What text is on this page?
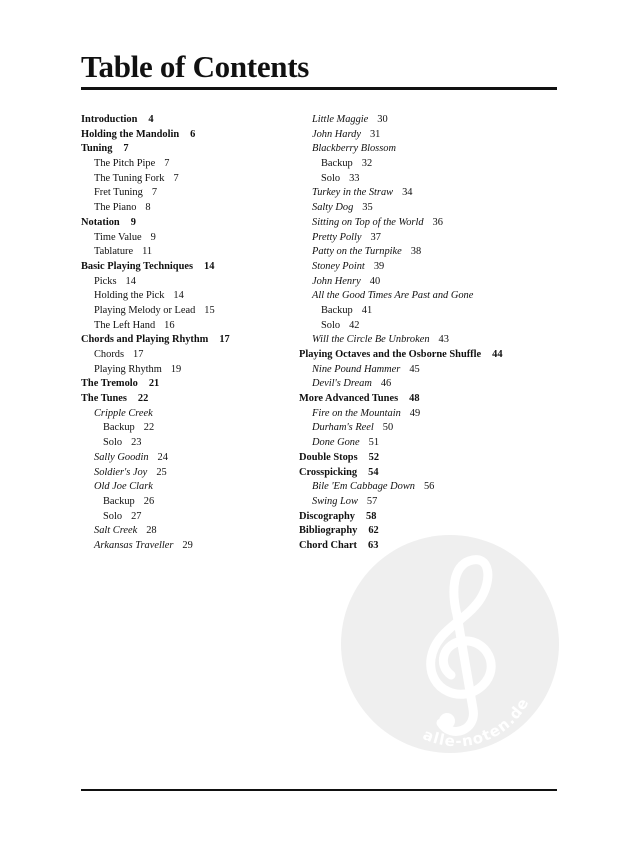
Table of Contents
alle-noten.de
Introduction 4
Holding the Mandolin 6
Tuning 7
The Pitch Pipe 7
The Tuning Fork 7
Fret Tuning 7
The Piano 8
Notation 9
Time Value 9
Tablature 11
Basic Playing Techniques 14
Picks 14
Holding the Pick 14
Playing Melody or Lead 15
The Left Hand 16
Chords and Playing Rhythm 17
Chords 17
Playing Rhythm 19
The Tremolo 21
The Tunes 22
Cripple Creek
Backup 22
Solo 23
Sally Goodin 24
Soldier's Joy 25
Old Joe Clark
Backup 26
Solo 27
Salt Creek 28
Arkansas Traveller 29
Little Maggie 30
John Hardy 31
Blackberry Blossom
Backup 32
Solo 33
Turkey in the Straw 34
Salty Dog 35
Sitting on Top of the World 36
Pretty Polly 37
Patty on the Turnpike 38
Stoney Point 39
John Henry 40
All the Good Times Are Past and Gone
Backup 41
Solo 42
Will the Circle Be Unbroken 43
Playing Octaves and the Osborne Shuffle 44
Nine Pound Hammer 45
Devil's Dream 46
More Advanced Tunes 48
Fire on the Mountain 49
Durham's Reel 50
Done Gone 51
Double Stops 52
Crosspicking 54
Bile 'Em Cabbage Down 56
Swing Low 57
Discography 58
Bibliography 62
Chord Chart 63
